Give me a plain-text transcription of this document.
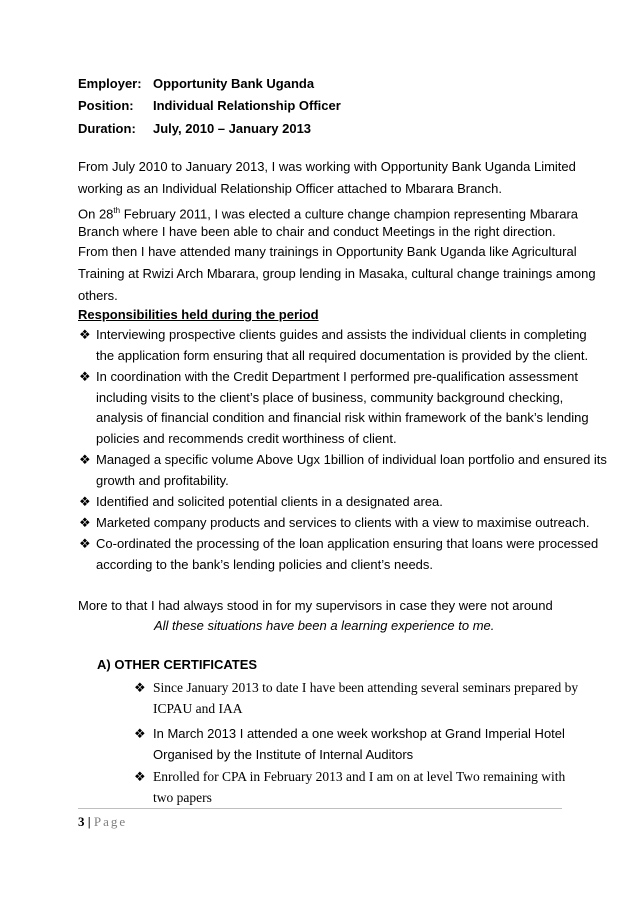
Employer: Opportunity Bank Uganda
Position: Individual Relationship Officer
Duration: July, 2010 – January 2013
From July 2010 to January 2013, I was working with Opportunity Bank Uganda Limited
working as an Individual Relationship Officer attached to Mbarara Branch.
On 28th February 2011, I was elected a culture change champion representing Mbarara
Branch where I have been able to chair and conduct Meetings in the right direction.
From then I have attended many trainings in Opportunity Bank Uganda like Agricultural
Training at Rwizi Arch Mbarara, group lending in Masaka, cultural change trainings among
others.
Responsibilities held during the period
❖ Interviewing prospective clients guides and assists the individual clients in completing
the application form ensuring that all required documentation is provided by the client.
❖ In coordination with the Credit Department I performed pre-qualification assessment
including visits to the client’s place of business, community background checking,
analysis of financial condition and financial risk within framework of the bank’s lending
policies and recommends credit worthiness of client.
❖ Managed a specific volume Above Ugx 1billion of individual loan portfolio and ensured its
growth and profitability.
❖ Identified and solicited potential clients in a designated area.
❖ Marketed company products and services to clients with a view to maximise outreach.
❖ Co-ordinated the processing of the loan application ensuring that loans were processed
according to the bank’s lending policies and client’s needs.
More to that I had always stood in for my supervisors in case they were not around
All these situations have been a learning experience to me.
A) OTHER CERTIFICATES
❖ Since January 2013 to date I have been attending several seminars prepared by
ICPAU and IAA
❖ In March 2013 I attended a one week workshop at Grand Imperial Hotel
Organised by the Institute of Internal Auditors
❖ Enrolled for CPA in February 2013 and I am on at level Two remaining with
two papers
3 | Page
